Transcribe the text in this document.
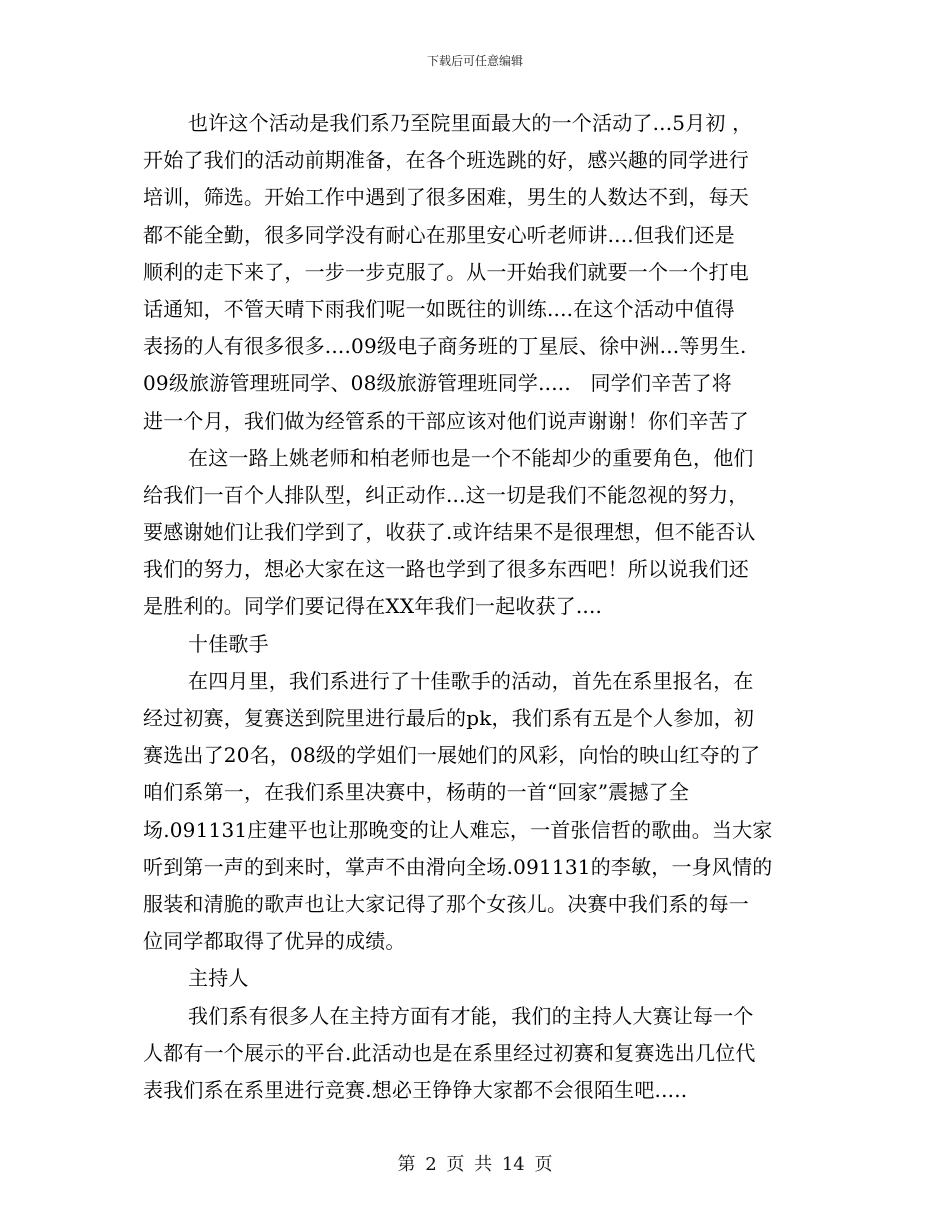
下载后可任意编辑
也许这个活动是我们系乃至院里面最大的一个活动了...5月初 ，
开始了我们的活动前期准备，在各个班选跳的好，感兴趣的同学进行
培训，筛选。开始工作中遇到了很多困难，男生的人数达不到，每天
都不能全勤，很多同学没有耐心在那里安心听老师讲....但我们还是
顺利的走下来了，一步一步克服了。从一开始我们就要一个一个打电
话通知，不管天晴下雨我们呢一如既往的训练....在这个活动中值得
表扬的人有很多很多....09级电子商务班的丁星辰、徐中洲...等男生.
09级旅游管理班同学、08级旅游管理班同学.....   同学们辛苦了将
进一个月，我们做为经管系的干部应该对他们说声谢谢！你们辛苦了
在这一路上姚老师和柏老师也是一个不能却少的重要角色，他们
给我们一百个人排队型，纠正动作...这一切是我们不能忽视的努力，
要感谢她们让我们学到了，收获了.或许结果不是很理想，但不能否认
我们的努力，想必大家在这一路也学到了很多东西吧！所以说我们还
是胜利的。同学们要记得在XX年我们一起收获了....
十佳歌手
在四月里，我们系进行了十佳歌手的活动，首先在系里报名，在
经过初赛，复赛送到院里进行最后的pk，我们系有五是个人参加，初
赛选出了20名，08级的学姐们一展她们的风彩，向怡的映山红夺的了
咱们系第一，在我们系里决赛中，杨萌的一首“回家”震撼了全
场.091131庄建平也让那晚变的让人难忘，一首张信哲的歌曲。当大家
听到第一声的到来时，掌声不由滑向全场.091131的李敏，一身风情的
服装和清脆的歌声也让大家记得了那个女孩儿。决赛中我们系的每一
位同学都取得了优异的成绩。
主持人
我们系有很多人在主持方面有才能，我们的主持人大赛让每一个
人都有一个展示的平台.此活动也是在系里经过初赛和复赛选出几位代
表我们系在系里进行竞赛.想必王铮铮大家都不会很陌生吧.....
第 2 页 共 14 页
